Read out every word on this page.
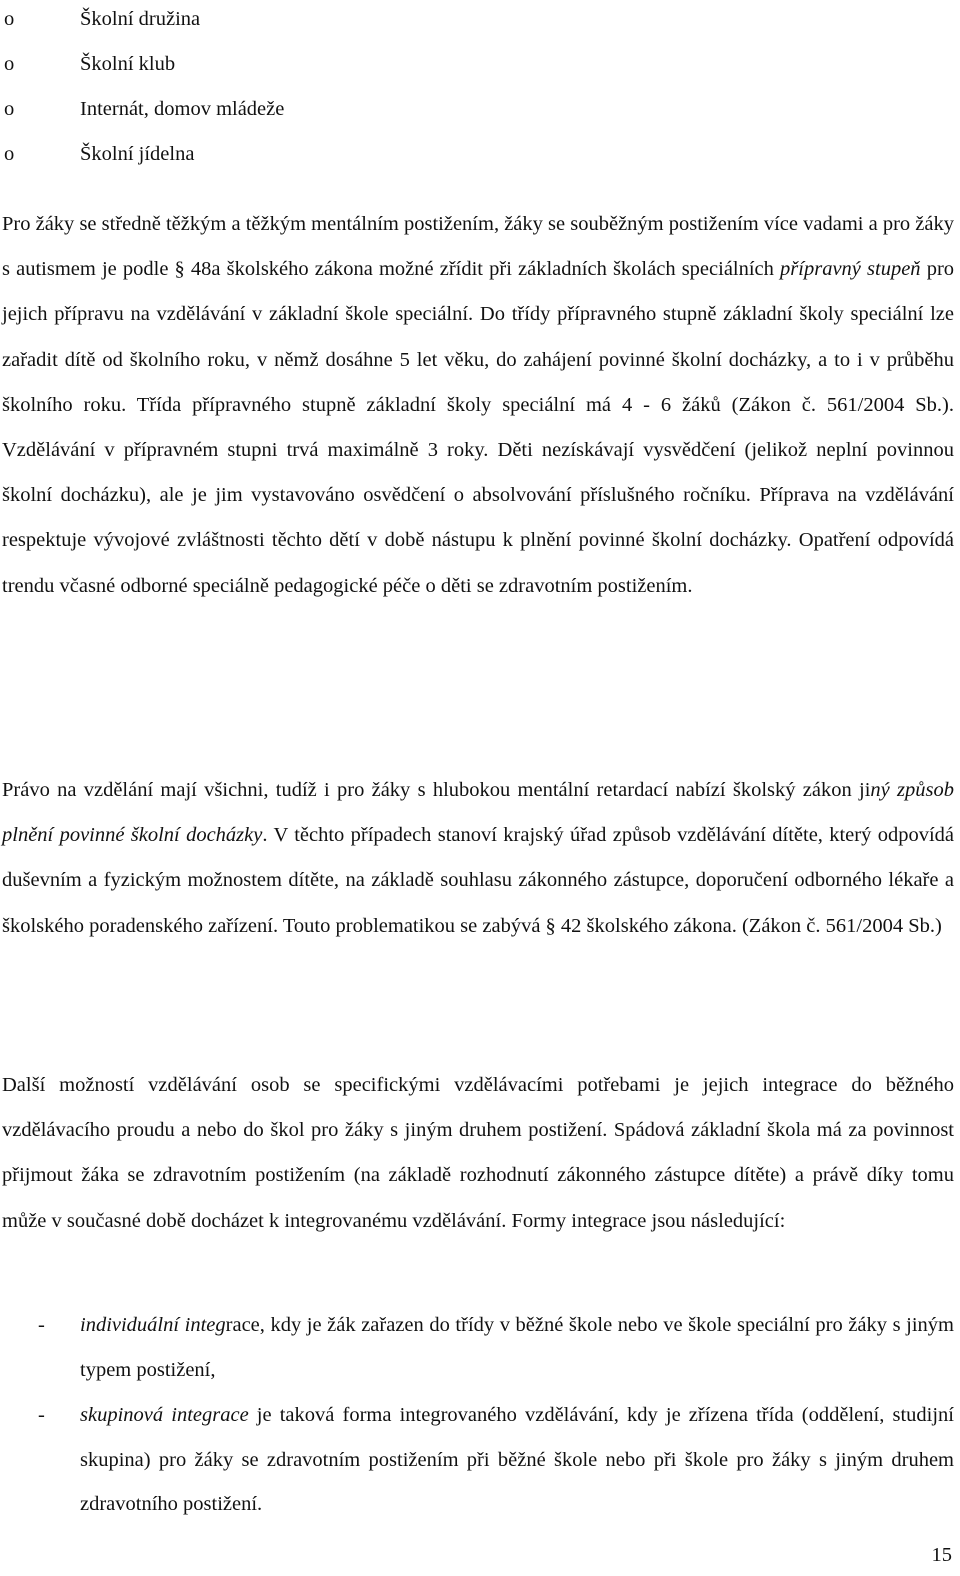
o	Školní družina
o	Školní klub
o	Internát, domov mládeže
o	Školní jídelna

Pro žáky se středně těžkým a těžkým mentálním postižením, žáky se souběžným postižením více vadami a pro žáky s autismem je podle § 48a školského zákona možné zřídit při základních školách speciálních přípravný stupeň pro jejich přípravu na vzdělávání v základní škole speciální. Do třídy přípravného stupně základní školy speciální lze zařadit dítě od školního roku, v němž dosáhne 5 let věku, do zahájení povinné školní docházky, a to i v průběhu školního roku. Třída přípravného stupně základní školy speciální má 4 - 6 žáků (Zákon č. 561/2004 Sb.). Vzdělávání v přípravném stupni trvá maximálně 3 roky. Děti nezískávají vysvědčení (jelikož neplní povinnou školní docházku), ale je jim vystavováno osvědčení o absolvování příslušného ročníku. Příprava na vzdělávání respektuje vývojové zvláštnosti těchto dětí v době nástupu k plnění povinné školní docházky. Opatření odpovídá trendu včasné odborné speciálně pedagogické péče o děti se zdravotním postižením.

Právo na vzdělání mají všichni, tudíž i pro žáky s hlubokou mentální retardací nabízí školský zákon jiný způsob plnění povinné školní docházky. V těchto případech stanoví krajský úřad způsob vzdělávání dítěte, který odpovídá duševním a fyzickým možnostem dítěte, na základě souhlasu zákonného zástupce, doporučení odborného lékaře a školského poradenského zařízení. Touto problematikou se zabývá § 42 školského zákona. (Zákon č. 561/2004 Sb.)

Další možností vzdělávání osob se specifickými vzdělávacími potřebami je jejich integrace do běžného vzdělávacího proudu a nebo do škol pro žáky s jiným druhem postižení. Spádová základní škola má za povinnost přijmout žáka se zdravotním postižením (na základě rozhodnutí zákonného zástupce dítěte) a právě díky tomu může v současné době docházet k integrovanému vzdělávání. Formy integrace jsou následující:

- individuální integrace, kdy je žák zařazen do třídy v běžné škole nebo ve škole speciální pro žáky s jiným typem postižení,

- skupinová integrace je taková forma integrovaného vzdělávání, kdy je zřízena třída (oddělení, studijní skupina) pro žáky se zdravotním postižením při běžné škole nebo při škole pro žáky s jiným druhem zdravotního postižení.

15
